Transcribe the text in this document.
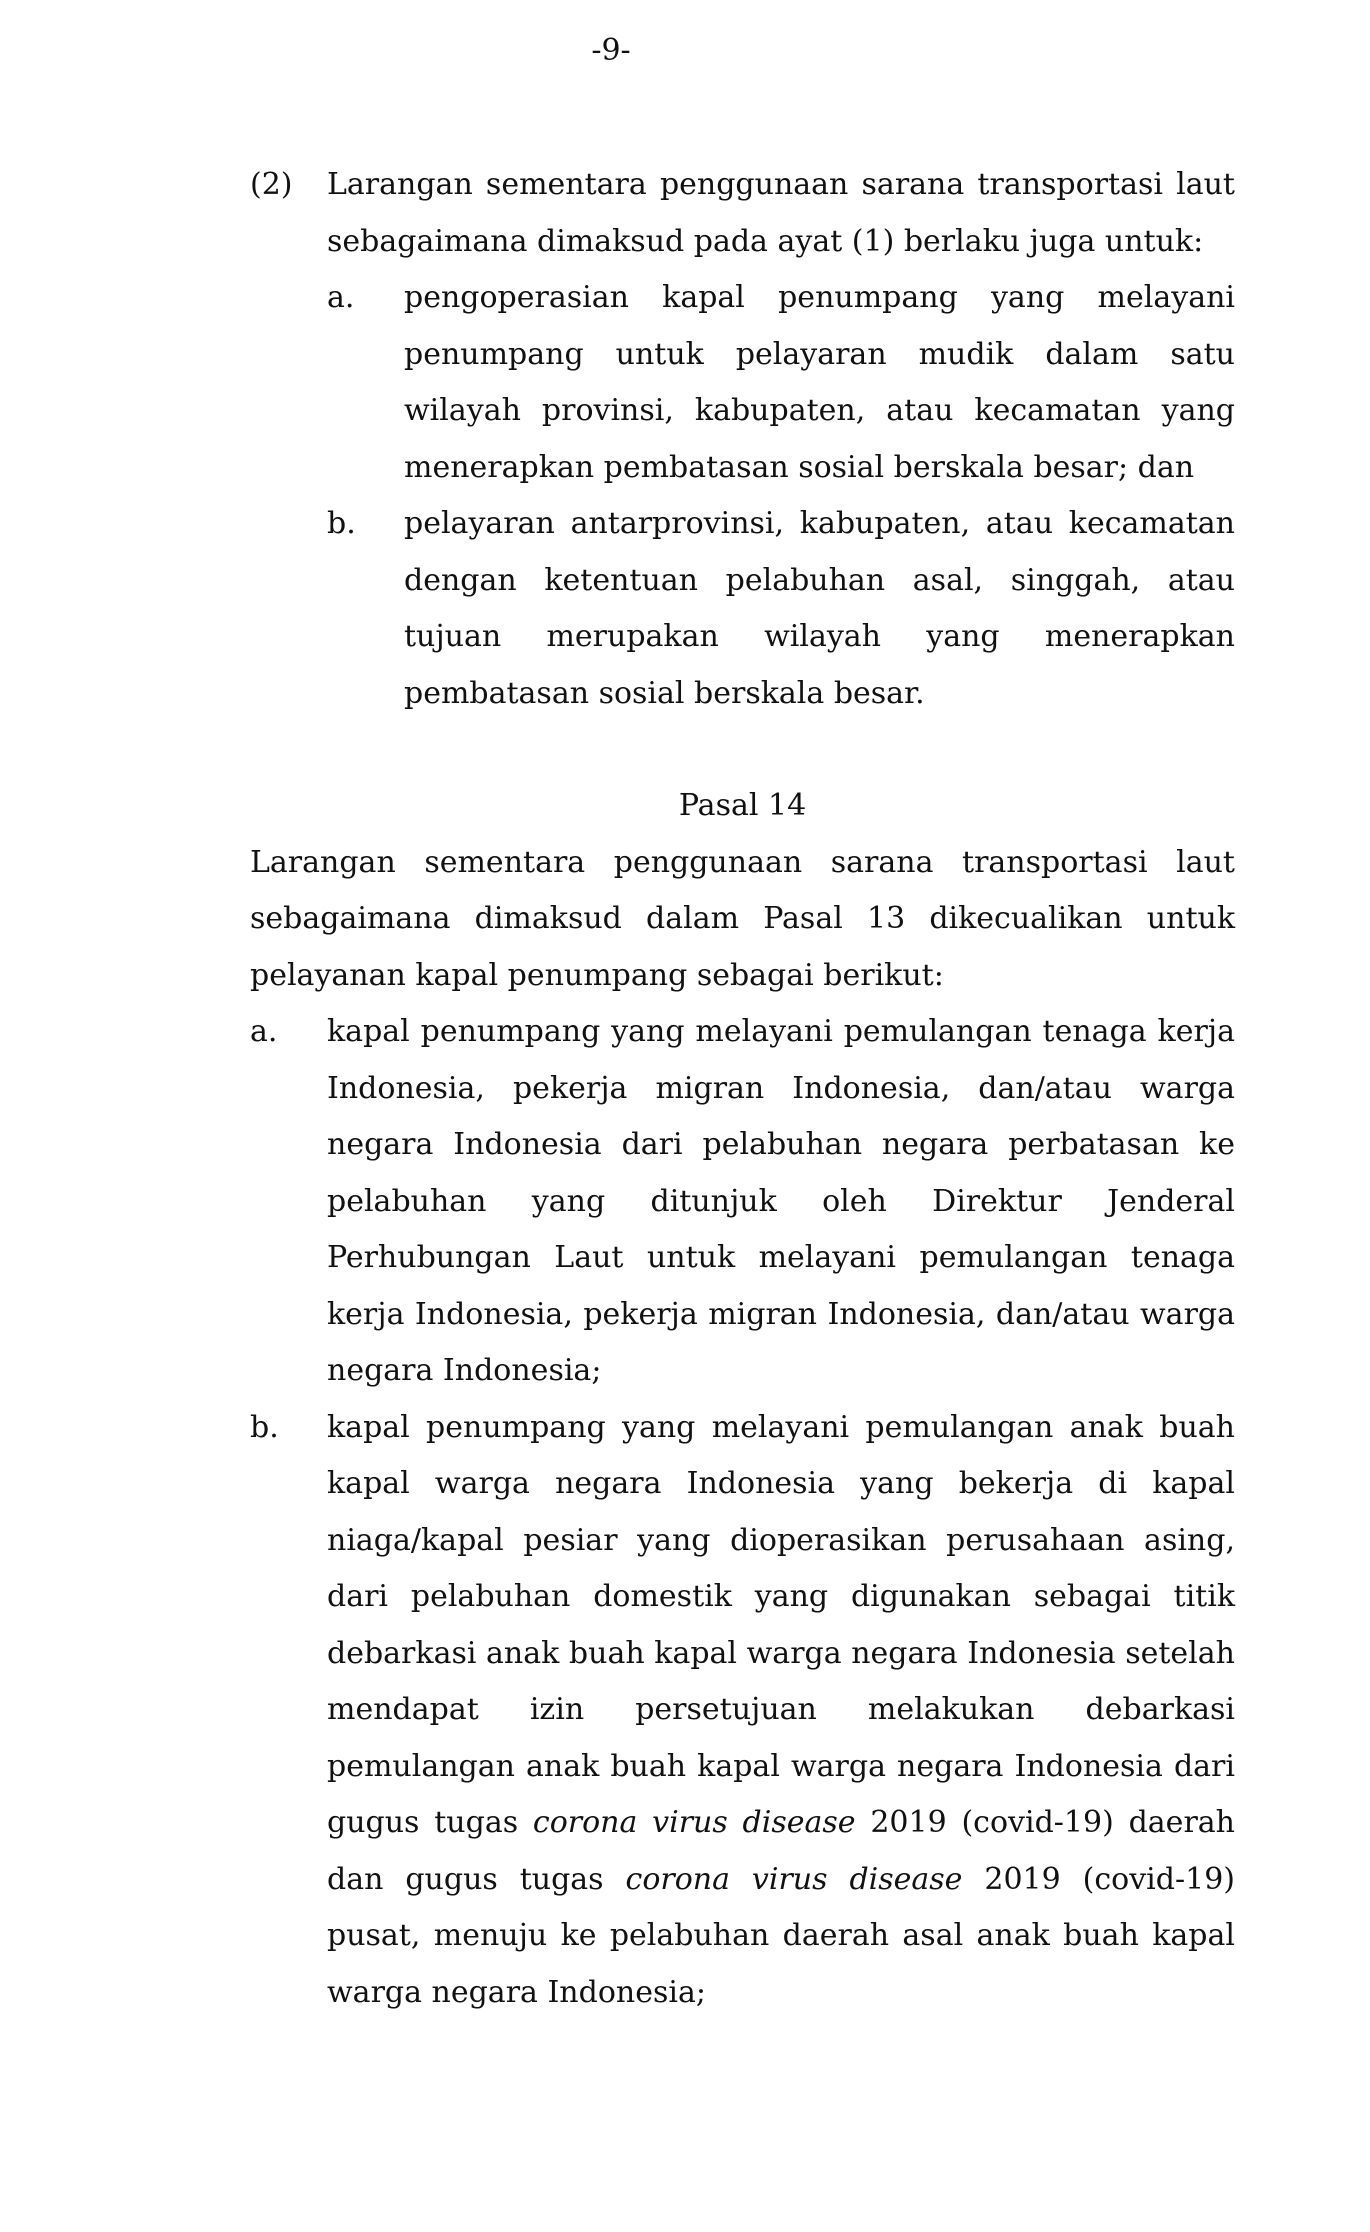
-9-
(2)	Larangan sementara penggunaan sarana transportasi laut sebagaimana dimaksud pada ayat (1) berlaku juga untuk:
a.	pengoperasian kapal penumpang yang melayani penumpang untuk pelayaran mudik dalam satu wilayah provinsi, kabupaten, atau kecamatan yang menerapkan pembatasan sosial berskala besar; dan
b.	pelayaran antarprovinsi, kabupaten, atau kecamatan dengan ketentuan pelabuhan asal, singgah, atau tujuan merupakan wilayah yang menerapkan pembatasan sosial berskala besar.
Pasal 14
Larangan sementara penggunaan sarana transportasi laut sebagaimana dimaksud dalam Pasal 13 dikecualikan untuk pelayanan kapal penumpang sebagai berikut:
a.	kapal penumpang yang melayani pemulangan tenaga kerja Indonesia, pekerja migran Indonesia, dan/atau warga negara Indonesia dari pelabuhan negara perbatasan ke pelabuhan yang ditunjuk oleh Direktur Jenderal Perhubungan Laut untuk melayani pemulangan tenaga kerja Indonesia, pekerja migran Indonesia, dan/atau warga negara Indonesia;
b.	kapal penumpang yang melayani pemulangan anak buah kapal warga negara Indonesia yang bekerja di kapal niaga/kapal pesiar yang dioperasikan perusahaan asing, dari pelabuhan domestik yang digunakan sebagai titik debarkasi anak buah kapal warga negara Indonesia setelah mendapat izin persetujuan melakukan debarkasi pemulangan anak buah kapal warga negara Indonesia dari gugus tugas corona virus disease 2019 (covid-19) daerah dan gugus tugas corona virus disease 2019 (covid-19) pusat, menuju ke pelabuhan daerah asal anak buah kapal warga negara Indonesia;
